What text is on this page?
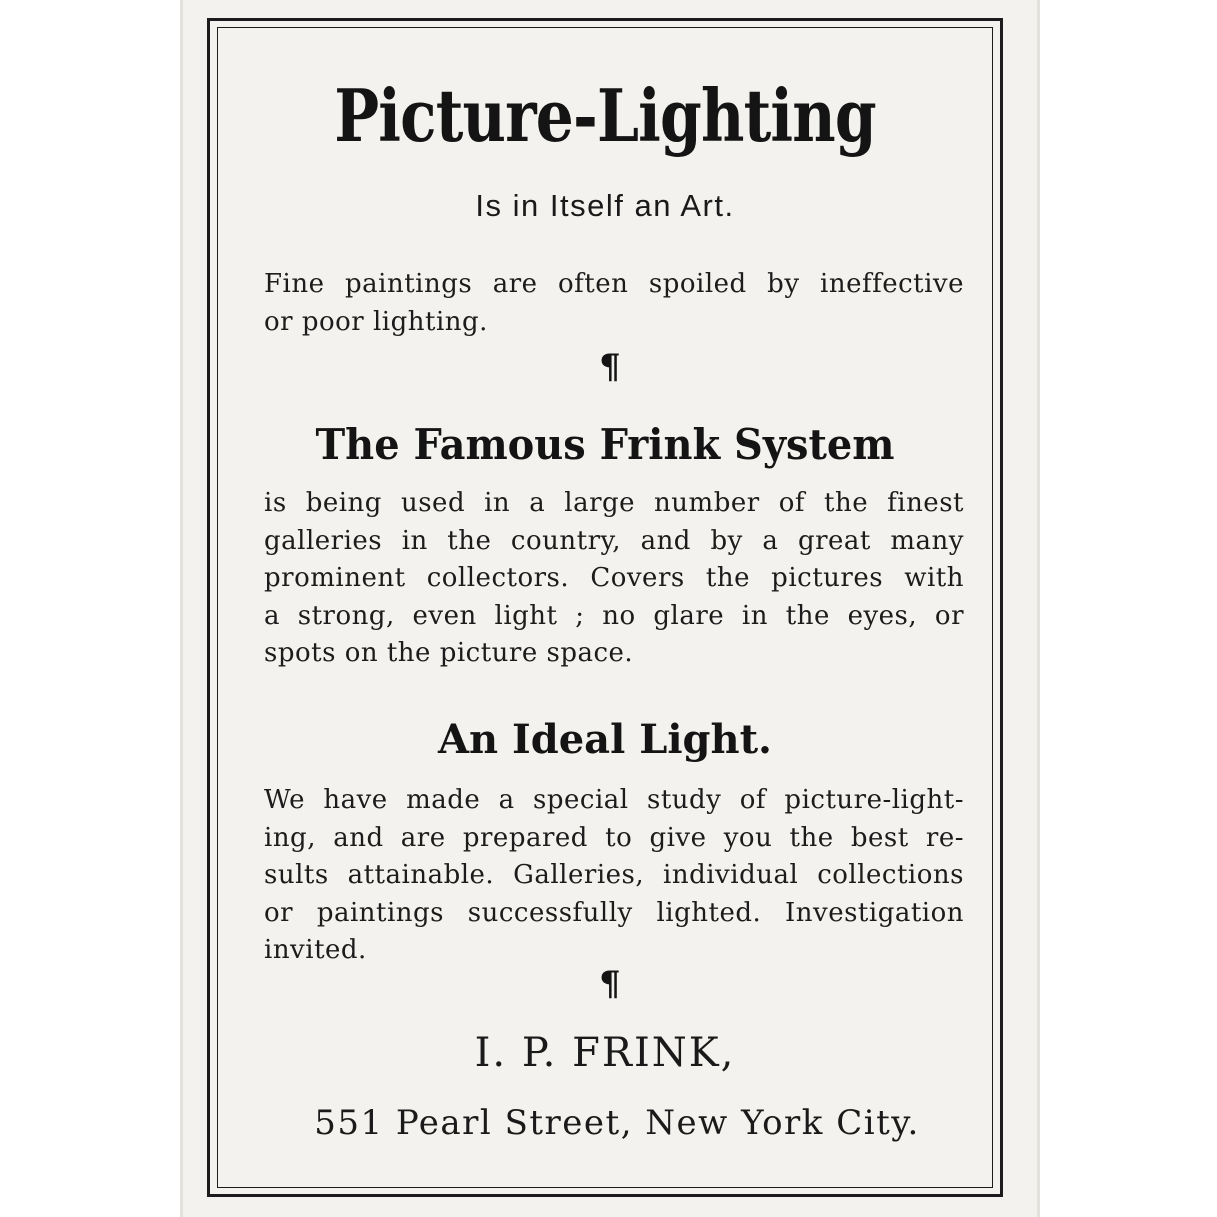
Picture-Lighting
Is in Itself an Art.
Fine paintings are often spoiled by ineffective
or poor lighting.
¶
The Famous Frink System
is being used in a large number of the finest
galleries in the country, and by a great many
prominent collectors. Covers the pictures with
a strong, even light ; no glare in the eyes, or
spots on the picture space.
An Ideal Light.
We have made a special study of picture-light-
ing, and are prepared to give you the best re-
sults attainable. Galleries, individual collections
or paintings successfully lighted. Investigation
invited.
¶
I. P. FRINK,
551 Pearl Street, New York City.
